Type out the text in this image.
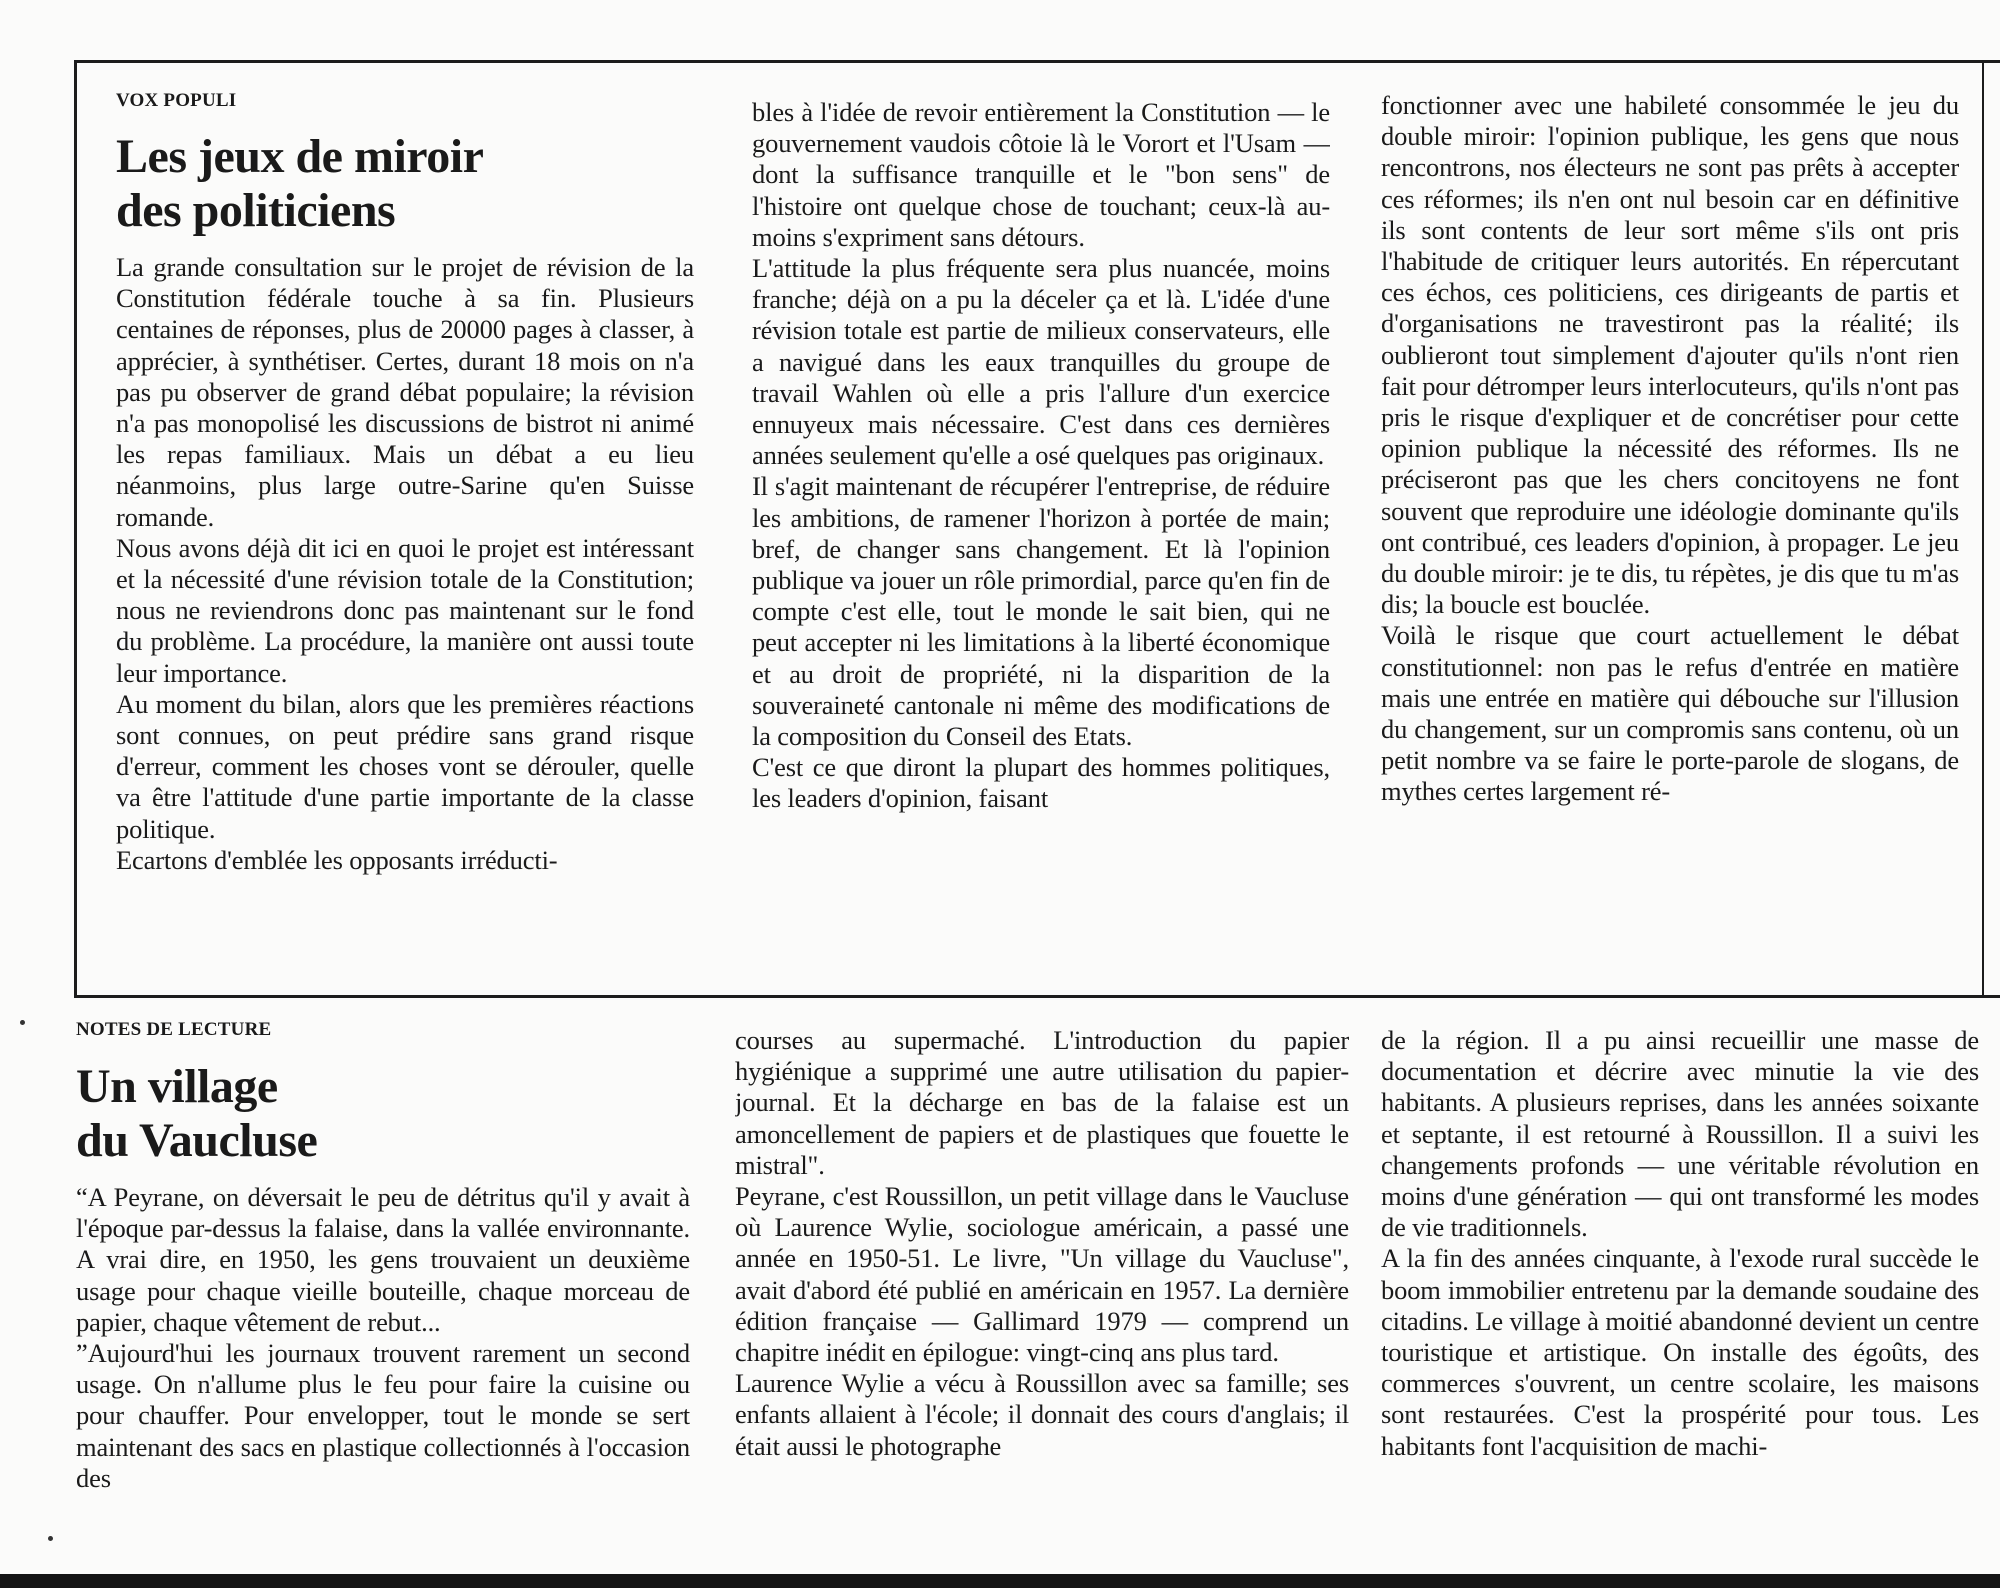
VOX POPULI
Les jeux de miroir
des politiciens

La grande consultation sur le projet de révision de la Constitution fédérale touche à sa fin. Plusieurs centaines de réponses, plus de 20000 pages à classer, à apprécier, à synthétiser. Certes, durant 18 mois on n'a pas pu observer de grand débat populaire; la révision n'a pas monopolisé les discussions de bistrot ni animé les repas familiaux. Mais un débat a eu lieu néanmoins, plus large outre-Sarine qu'en Suisse romande.

Nous avons déjà dit ici en quoi le projet est intéressant et la nécessité d'une révision totale de la Constitution; nous ne reviendrons donc pas maintenant sur le fond du problème. La procédure, la manière ont aussi toute leur importance.

Au moment du bilan, alors que les premières réactions sont connues, on peut prédire sans grand risque d'erreur, comment les choses vont se dérouler, quelle va être l'attitude d'une partie importante de la classe politique.

Ecartons d'emblée les opposants irréducti-

bles à l'idée de revoir entièrement la Constitution — le gouvernement vaudois côtoie là le Vorort et l'Usam — dont la suffisance tranquille et le "bon sens" de l'histoire ont quelque chose de touchant; ceux-là au-moins s'expriment sans détours.

L'attitude la plus fréquente sera plus nuancée, moins franche; déjà on a pu la déceler ça et là. L'idée d'une révision totale est partie de milieux conservateurs, elle a navigué dans les eaux tranquilles du groupe de travail Wahlen où elle a pris l'allure d'un exercice ennuyeux mais nécessaire. C'est dans ces dernières années seulement qu'elle a osé quelques pas originaux.

Il s'agit maintenant de récupérer l'entreprise, de réduire les ambitions, de ramener l'horizon à portée de main; bref, de changer sans changement. Et là l'opinion publique va jouer un rôle primordial, parce qu'en fin de compte c'est elle, tout le monde le sait bien, qui ne peut accepter ni les limitations à la liberté économique et au droit de propriété, ni la disparition de la souveraineté cantonale ni même des modifications de la composition du Conseil des Etats.

C'est ce que diront la plupart des hommes politiques, les leaders d'opinion, faisant

fonctionner avec une habileté consommée le jeu du double miroir: l'opinion publique, les gens que nous rencontrons, nos électeurs ne sont pas prêts à accepter ces réformes; ils n'en ont nul besoin car en définitive ils sont contents de leur sort même s'ils ont pris l'habitude de critiquer leurs autorités. En répercutant ces échos, ces politiciens, ces dirigeants de partis et d'organisations ne travestiront pas la réalité; ils oublieront tout simplement d'ajouter qu'ils n'ont rien fait pour détromper leurs interlocuteurs, qu'ils n'ont pas pris le risque d'expliquer et de concrétiser pour cette opinion publique la nécessité des réformes. Ils ne préciseront pas que les chers concitoyens ne font souvent que reproduire une idéologie dominante qu'ils ont contribué, ces leaders d'opinion, à propager. Le jeu du double miroir: je te dis, tu répètes, je dis que tu m'as dis; la boucle est bouclée.

Voilà le risque que court actuellement le débat constitutionnel: non pas le refus d'entrée en matière mais une entrée en matière qui débouche sur l'illusion du changement, sur un compromis sans contenu, où un petit nombre va se faire le porte-parole de slogans, de mythes certes largement ré-

NOTES DE LECTURE
Un village
du Vaucluse

“A Peyrane, on déversait le peu de détritus qu'il y avait à l'époque par-dessus la falaise, dans la vallée environnante. A vrai dire, en 1950, les gens trouvaient un deuxième usage pour chaque vieille bouteille, chaque morceau de papier, chaque vêtement de rebut...

”Aujourd'hui les journaux trouvent rarement un second usage. On n'allume plus le feu pour faire la cuisine ou pour chauffer. Pour envelopper, tout le monde se sert maintenant des sacs en plastique collectionnés à l'occasion des

courses au supermaché. L'introduction du papier hygiénique a supprimé une autre utilisation du papier-journal. Et la décharge en bas de la falaise est un amoncellement de papiers et de plastiques que fouette le mistral".

Peyrane, c'est Roussillon, un petit village dans le Vaucluse où Laurence Wylie, sociologue américain, a passé une année en 1950-51. Le livre, "Un village du Vaucluse", avait d'abord été publié en américain en 1957. La dernière édition française — Gallimard 1979 — comprend un chapitre inédit en épilogue: vingt-cinq ans plus tard.

Laurence Wylie a vécu à Roussillon avec sa famille; ses enfants allaient à l'école; il donnait des cours d'anglais; il était aussi le photographe

de la région. Il a pu ainsi recueillir une masse de documentation et décrire avec minutie la vie des habitants. A plusieurs reprises, dans les années soixante et septante, il est retourné à Roussillon. Il a suivi les changements profonds — une véritable révolution en moins d'une génération — qui ont transformé les modes de vie traditionnels.

A la fin des années cinquante, à l'exode rural succède le boom immobilier entretenu par la demande soudaine des citadins. Le village à moitié abandonné devient un centre touristique et artistique. On installe des égoûts, des commerces s'ouvrent, un centre scolaire, les maisons sont restaurées. C'est la prospérité pour tous. Les habitants font l'acquisition de machi-
